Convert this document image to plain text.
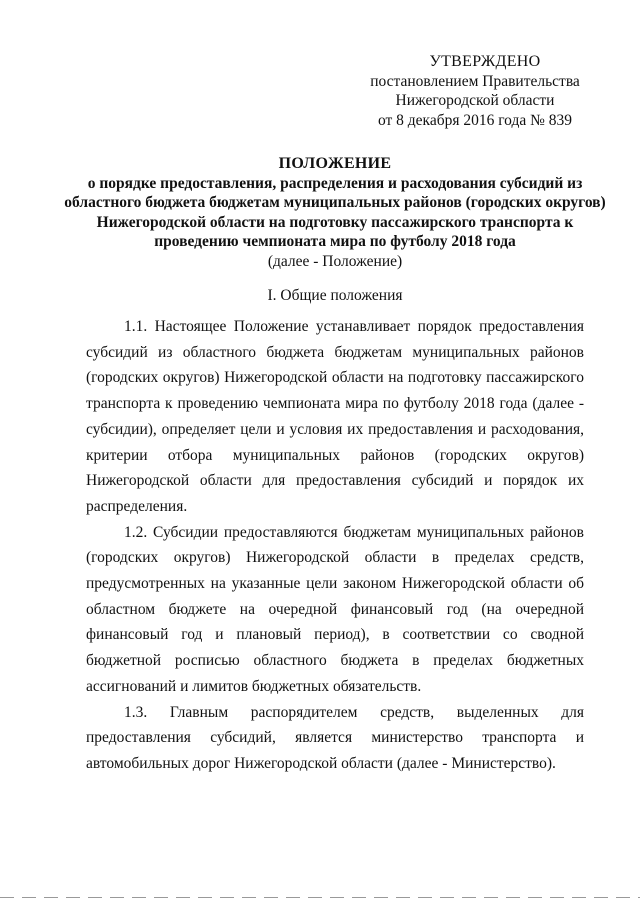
УТВЕРЖДЕНО
постановлением Правительства
Нижегородской области
от 8 декабря 2016 года № 839
ПОЛОЖЕНИЕ
о порядке предоставления, распределения и расходования субсидий из областного бюджета бюджетам муниципальных районов (городских округов) Нижегородской области на подготовку пассажирского транспорта к проведению чемпионата мира по футболу 2018 года
(далее - Положение)
I. Общие положения

1.1. Настоящее Положение устанавливает порядок предоставления субсидий из областного бюджета бюджетам муниципальных районов (городских округов) Нижегородской области на подготовку пассажирского транспорта к проведению чемпионата мира по футболу 2018 года (далее - субсидии), определяет цели и условия их предоставления и расходования, критерии отбора муниципальных районов (городских округов) Нижегородской области для предоставления субсидий и порядок их распределения.

1.2. Субсидии предоставляются бюджетам муниципальных районов (городских округов) Нижегородской области в пределах средств, предусмотренных на указанные цели законом Нижегородской области об областном бюджете на очередной финансовый год (на очередной финансовый год и плановый период), в соответствии со сводной бюджетной росписью областного бюджета в пределах бюджетных ассигнований и лимитов бюджетных обязательств.

1.3. Главным распорядителем средств, выделенных для предоставления субсидий, является министерство транспорта и автомобильных дорог Нижегородской области (далее - Министерство).
